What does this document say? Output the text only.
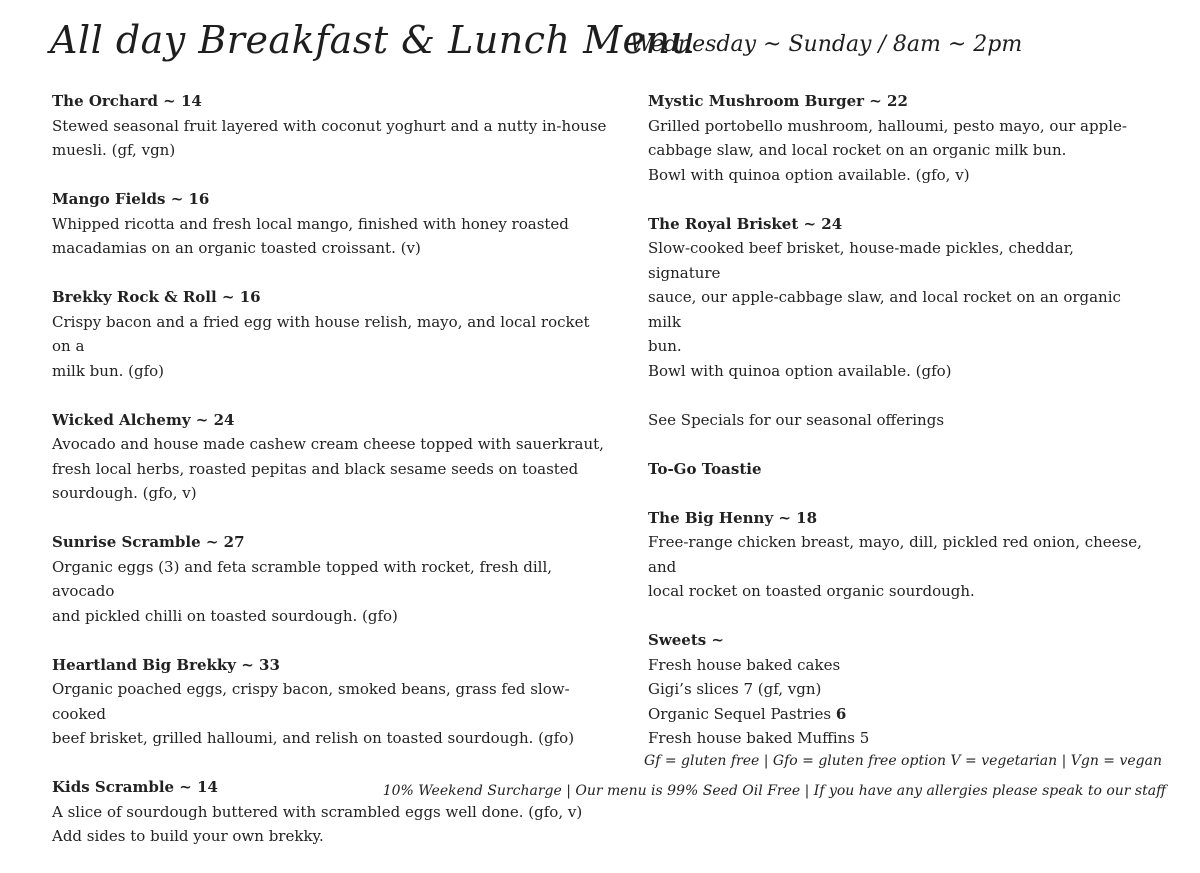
All day Breakfast & Lunch Menu
Wednesday ~ Sunday / 8am ~ 2pm
The Orchard ~ 14
Stewed seasonal fruit layered with coconut yoghurt and a nutty in-house
muesli. (gf, vgn)
Mango Fields ~ 16
Whipped ricotta and fresh local mango, finished with honey roasted
macadamias on an organic toasted croissant. (v)
Brekky Rock & Roll ~ 16
Crispy bacon and a fried egg with house relish, mayo, and local rocket on a
milk bun. (gfo)
Wicked Alchemy ~ 24
Avocado and house made cashew cream cheese topped with sauerkraut,
fresh local herbs, roasted pepitas and black sesame seeds on toasted
sourdough. (gfo, v)
Sunrise Scramble ~ 27
Organic eggs (3) and feta scramble topped with rocket, fresh dill, avocado
and pickled chilli on toasted sourdough. (gfo)
Heartland Big Brekky ~ 33
Organic poached eggs, crispy bacon, smoked beans, grass fed slow-cooked
beef brisket, grilled halloumi, and relish on toasted sourdough. (gfo)
Kids Scramble ~ 14
A slice of sourdough buttered with scrambled eggs well done. (gfo, v)
Add sides to build your own brekky.
Mystic Mushroom Burger ~ 22
Grilled portobello mushroom, halloumi, pesto mayo, our apple-
cabbage slaw, and local rocket on an organic milk bun.
Bowl with quinoa option available. (gfo, v)
The Royal Brisket ~ 24
Slow-cooked beef brisket, house-made pickles, cheddar, signature
sauce, our apple-cabbage slaw, and local rocket on an organic milk
bun.
Bowl with quinoa option available. (gfo)
See Specials for our seasonal offerings
To-Go Toastie
The Big Henny ~ 18
Free-range chicken breast, mayo, dill, pickled red onion, cheese, and
local rocket on toasted organic sourdough.
Sweets ~
Fresh house baked cakes
Gigi’s slices 7 (gf, vgn)
Organic Sequel Pastries 6
Fresh house baked Muffins 5
Gf = gluten free | Gfo = gluten free option V = vegetarian | Vgn = vegan
10% Weekend Surcharge | Our menu is 99% Seed Oil Free | If you have any allergies please speak to our staff
